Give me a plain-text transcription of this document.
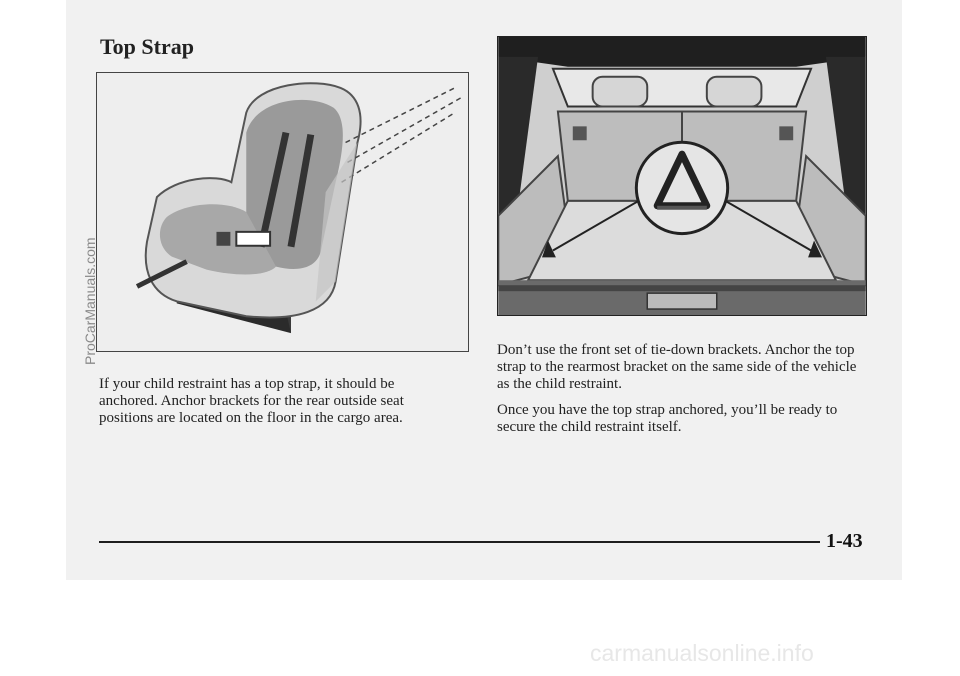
Top Strap
If your child restraint has a top strap, it should be anchored. Anchor brackets for the rear outside seat positions are located on the floor in the cargo area.
Don’t use the front set of tie-down brackets. Anchor the top strap to the rearmost bracket on the same side of the vehicle as the child restraint.
Once you have the top strap anchored, you’ll be ready to secure the child restraint itself.
1-43
ProCarManuals.com
carmanualsonline.info
